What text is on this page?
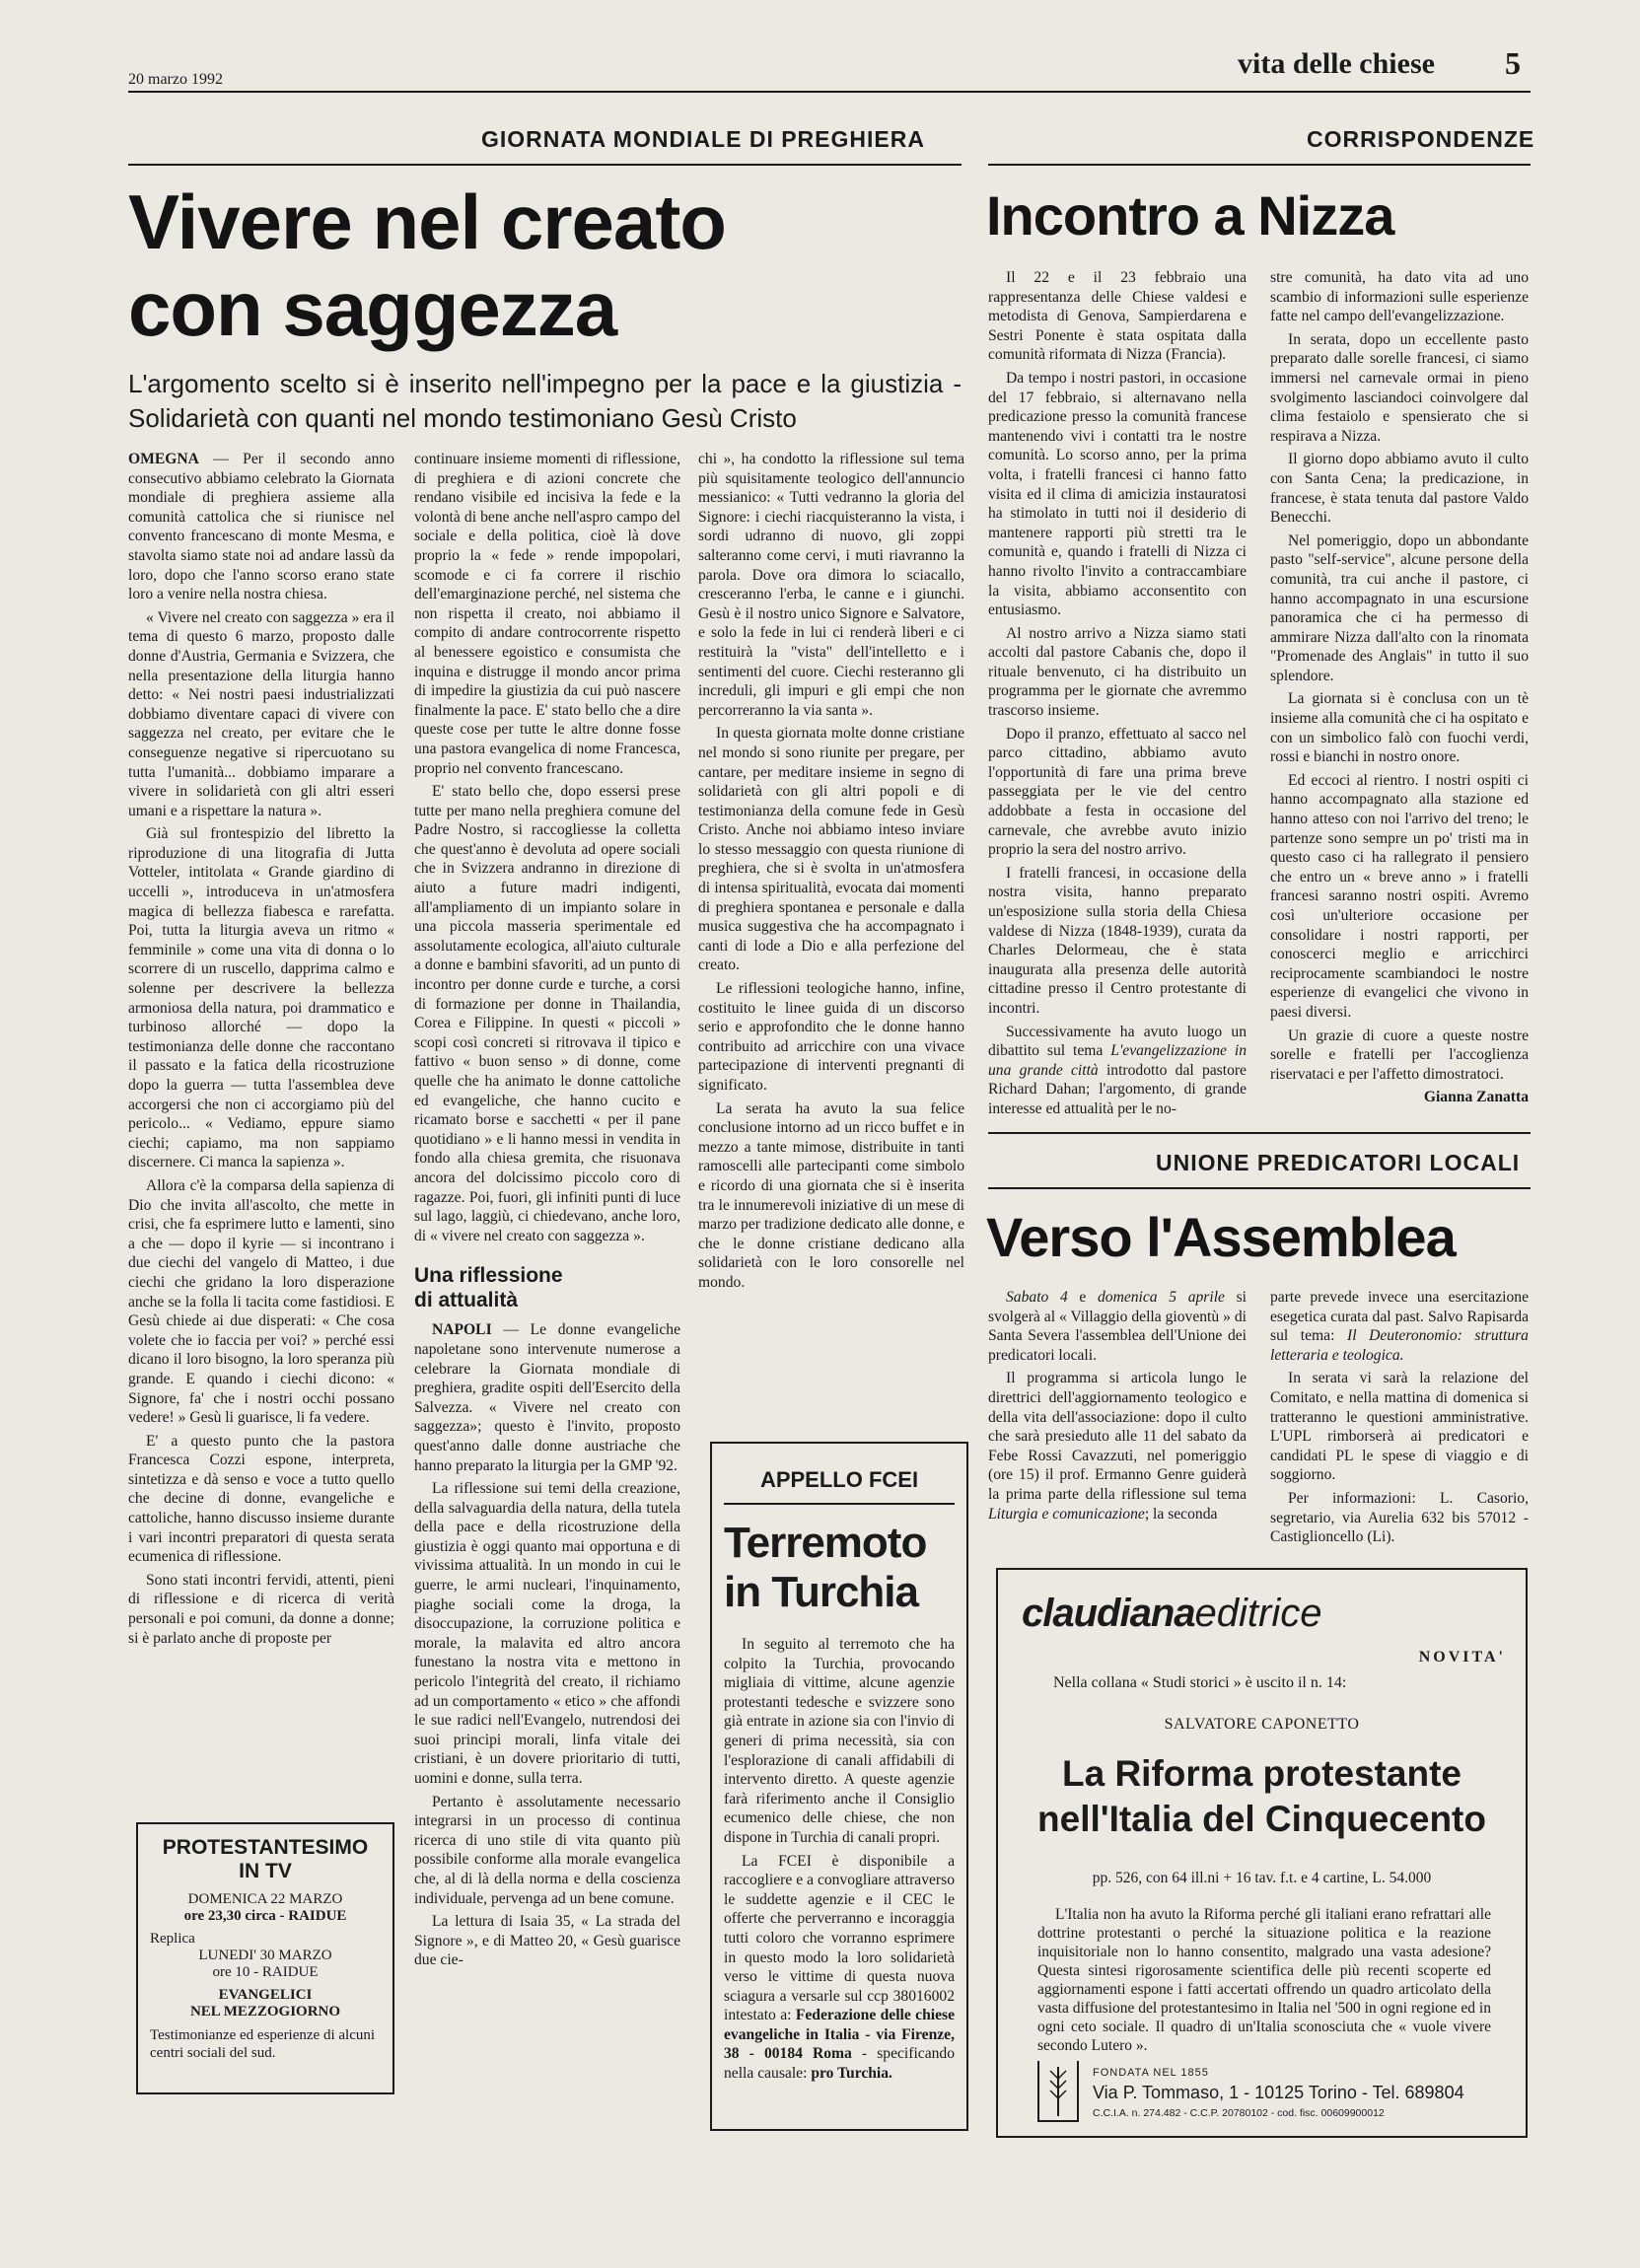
20 marzo 1992	vita delle chiese 5
GIORNATA MONDIALE DI PREGHIERA
Vivere nel creato
con saggezza
L'argomento scelto si è inserito nell'impegno per la pace e la giustizia - Solidarietà con quanti nel mondo testimoniano Gesù Cristo

OMEGNA — Per il secondo anno consecutivo abbiamo celebrato la Giornata mondiale di preghiera assieme alla comunità cattolica che si riunisce nel convento francescano di monte Mesma, e stavolta siamo state noi ad andare lassù da loro, dopo che l'anno scorso erano state loro a venire nella nostra chiesa.

« Vivere nel creato con saggezza » era il tema di questo 6 marzo, proposto dalle donne d'Austria, Germania e Svizzera, che nella presentazione della liturgia hanno detto: « Nei nostri paesi industrializzati dobbiamo diventare capaci di vivere con saggezza nel creato, per evitare che le conseguenze negative si ripercuotano su tutta l'umanità... dobbiamo imparare a vivere in solidarietà con gli altri esseri umani e a rispettare la natura ».

Già sul frontespizio del libretto la riproduzione di una litografia di Jutta Votteler, intitolata « Grande giardino di uccelli », introduceva in un'atmosfera magica di bellezza fiabesca e rarefatta. Poi, tutta la liturgia aveva un ritmo « femminile » come una vita di donna o lo scorrere di un ruscello, dapprima calmo e solenne per descrivere la bellezza armoniosa della natura, poi drammatico e turbinoso allorché — dopo la testimonianza delle donne che raccontano il passato e la fatica della ricostruzione dopo la guerra — tutta l'assemblea deve accorgersi che non ci accorgiamo più del pericolo... « Vediamo, eppure siamo ciechi; capiamo, ma non sappiamo discernere. Ci manca la sapienza ».

Allora c'è la comparsa della sapienza di Dio che invita all'ascolto, che mette in crisi, che fa esprimere lutto e lamenti, sino a che — dopo il kyrie — si incontrano i due ciechi del vangelo di Matteo, i due ciechi che gridano la loro disperazione anche se la folla li tacita come fastidiosi. E Gesù chiede ai due disperati: « Che cosa volete che io faccia per voi? » perché essi dicano il loro bisogno, la loro speranza più grande. E quando i ciechi dicono: « Signore, fa' che i nostri occhi possano vedere! » Gesù li guarisce, li fa vedere.

E' a questo punto che la pastora Francesca Cozzi espone, interpreta, sintetizza e dà senso e voce a tutto quello che decine di donne, evangeliche e cattoliche, hanno discusso insieme durante i vari incontri preparatori di questa serata ecumenica di riflessione.

Sono stati incontri fervidi, attenti, pieni di riflessione e di ricerca di verità personali e poi comuni, da donne a donne; si è parlato anche di proposte per

PROTESTANTESIMO
IN TV
DOMENICA 22 MARZO
ore 23,30 circa - RAIDUE
Replica
LUNEDI' 30 MARZO
ore 10 - RAIDUE
EVANGELICI
NEL MEZZOGIORNO
Testimonianze ed esperienze di alcuni centri sociali del sud.

continuare insieme momenti di riflessione, di preghiera e di azioni concrete che rendano visibile ed incisiva la fede e la volontà di bene anche nell'aspro campo del sociale e della politica, cioè là dove proprio la « fede » rende impopolari, scomode e ci fa correre il rischio dell'emarginazione perché, nel sistema che non rispetta il creato, noi abbiamo il compito di andare controcorrente rispetto al benessere egoistico e consumista che inquina e distrugge il mondo ancor prima di impedire la giustizia da cui può nascere finalmente la pace. E' stato bello che a dire queste cose per tutte le altre donne fosse una pastora evangelica di nome Francesca, proprio nel convento francescano.

E' stato bello che, dopo essersi prese tutte per mano nella preghiera comune del Padre Nostro, si raccogliesse la colletta che quest'anno è devoluta ad opere sociali che in Svizzera andranno in direzione di aiuto a future madri indigenti, all'ampliamento di un impianto solare in una piccola masseria sperimentale ed assolutamente ecologica, all'aiuto culturale a donne e bambini sfavoriti, ad un punto di incontro per donne curde e turche, a corsi di formazione per donne in Thailandia, Corea e Filippine. In questi « piccoli » scopi così concreti si ritrovava il tipico e fattivo « buon senso » di donne, come quelle che ha animato le donne cattoliche ed evangeliche, che hanno cucito e ricamato borse e sacchetti « per il pane quotidiano » e li hanno messi in vendita in fondo alla chiesa gremita, che risuonava ancora del dolcissimo piccolo coro di ragazze. Poi, fuori, gli infiniti punti di luce sul lago, laggiù, ci chiedevano, anche loro, di « vivere nel creato con saggezza ».

Una riflessione
di attualità

NAPOLI — Le donne evangeliche napoletane sono intervenute numerose a celebrare la Giornata mondiale di preghiera, gradite ospiti dell'Esercito della Salvezza. « Vivere nel creato con saggezza»; questo è l'invito, proposto quest'anno dalle donne austriache che hanno preparato la liturgia per la GMP '92.

La riflessione sui temi della creazione, della salvaguardia della natura, della tutela della pace e della ricostruzione della giustizia è oggi quanto mai opportuna e di vivissima attualità. In un mondo in cui le guerre, le armi nucleari, l'inquinamento, piaghe sociali come la droga, la disoccupazione, la corruzione politica e morale, la malavita ed altro ancora funestano la nostra vita e mettono in pericolo l'integrità del creato, il richiamo ad un comportamento « etico » che affondi le sue radici nell'Evangelo, nutrendosi dei suoi principi morali, linfa vitale dei cristiani, è un dovere prioritario di tutti, uomini e donne, sulla terra.

Pertanto è assolutamente necessario integrarsi in un processo di continua ricerca di uno stile di vita quanto più possibile conforme alla morale evangelica che, al di là della norma e della coscienza individuale, pervenga ad un bene comune.

La lettura di Isaia 35, « La strada del Signore », e di Matteo 20, « Gesù guarisce due cie-

chi », ha condotto la riflessione sul tema più squisitamente teologico dell'annuncio messianico: « Tutti vedranno la gloria del Signore: i ciechi riacquisteranno la vista, i sordi udranno di nuovo, gli zoppi salteranno come cervi, i muti riavranno la parola. Dove ora dimora lo sciacallo, cresceranno l'erba, le canne e i giunchi. Gesù è il nostro unico Signore e Salvatore, e solo la fede in lui ci renderà liberi e ci restituirà la "vista" dell'intelletto e i sentimenti del cuore. Ciechi resteranno gli increduli, gli impuri e gli empi che non percorreranno la via santa ».

In questa giornata molte donne cristiane nel mondo si sono riunite per pregare, per cantare, per meditare insieme in segno di solidarietà con gli altri popoli e di testimonianza della comune fede in Gesù Cristo. Anche noi abbiamo inteso inviare lo stesso messaggio con questa riunione di preghiera, che si è svolta in un'atmosfera di intensa spiritualità, evocata dai momenti di preghiera spontanea e personale e dalla musica suggestiva che ha accompagnato i canti di lode a Dio e alla perfezione del creato.

Le riflessioni teologiche hanno, infine, costituito le linee guida di un discorso serio e approfondito che le donne hanno contribuito ad arricchire con una vivace partecipazione di interventi pregnanti di significato.

La serata ha avuto la sua felice conclusione intorno ad un ricco buffet e in mezzo a tante mimose, distribuite in tanti ramoscelli alle partecipanti come simbolo e ricordo di una giornata che si è inserita tra le innumerevoli iniziative di un mese di marzo per tradizione dedicato alle donne, e che le donne cristiane dedicano alla solidarietà con le loro consorelle nel mondo.

APPELLO FCEI
Terremoto
in Turchia

In seguito al terremoto che ha colpito la Turchia, provocando migliaia di vittime, alcune agenzie protestanti tedesche e svizzere sono già entrate in azione sia con l'invio di generi di prima necessità, sia con l'esplorazione di canali affidabili di intervento diretto. A queste agenzie farà riferimento anche il Consiglio ecumenico delle chiese, che non dispone in Turchia di canali propri.

La FCEI è disponibile a raccogliere e a convogliare attraverso le suddette agenzie e il CEC le offerte che perverranno e incoraggia tutti coloro che vorranno esprimere in questo modo la loro solidarietà verso le vittime di questa nuova sciagura a versarle sul ccp 38016002 intestato a: Federazione delle chiese evangeliche in Italia - via Firenze, 38 - 00184 Roma - specificando nella causale: pro Turchia.

CORRISPONDENZE
Incontro a Nizza

Il 22 e il 23 febbraio una rappresentanza delle Chiese valdesi e metodista di Genova, Sampierdarena e Sestri Ponente è stata ospitata dalla comunità riformata di Nizza (Francia).

Da tempo i nostri pastori, in occasione del 17 febbraio, si alternavano nella predicazione presso la comunità francese mantenendo vivi i contatti tra le nostre comunità. Lo scorso anno, per la prima volta, i fratelli francesi ci hanno fatto visita ed il clima di amicizia instauratosi ha stimolato in tutti noi il desiderio di mantenere rapporti più stretti tra le comunità e, quando i fratelli di Nizza ci hanno rivolto l'invito a contraccambiare la visita, abbiamo acconsentito con entusiasmo.

Al nostro arrivo a Nizza siamo stati accolti dal pastore Cabanis che, dopo il rituale benvenuto, ci ha distribuito un programma per le giornate che avremmo trascorso insieme.

Dopo il pranzo, effettuato al sacco nel parco cittadino, abbiamo avuto l'opportunità di fare una prima breve passeggiata per le vie del centro addobbate a festa in occasione del carnevale, che avrebbe avuto inizio proprio la sera del nostro arrivo.

I fratelli francesi, in occasione della nostra visita, hanno preparato un'esposizione sulla storia della Chiesa valdese di Nizza (1848-1939), curata da Charles Delormeau, che è stata inaugurata alla presenza delle autorità cittadine presso il Centro protestante di incontri.

Successivamente ha avuto luogo un dibattito sul tema L'evangelizzazione in una grande città introdotto dal pastore Richard Dahan; l'argomento, di grande interesse ed attualità per le no-

stre comunità, ha dato vita ad uno scambio di informazioni sulle esperienze fatte nel campo dell'evangelizzazione.

In serata, dopo un eccellente pasto preparato dalle sorelle francesi, ci siamo immersi nel carnevale ormai in pieno svolgimento lasciandoci coinvolgere dal clima festaiolo e spensierato che si respirava a Nizza.

Il giorno dopo abbiamo avuto il culto con Santa Cena; la predicazione, in francese, è stata tenuta dal pastore Valdo Benecchi.

Nel pomeriggio, dopo un abbondante pasto "self-service", alcune persone della comunità, tra cui anche il pastore, ci hanno accompagnato in una escursione panoramica che ci ha permesso di ammirare Nizza dall'alto con la rinomata "Promenade des Anglais" in tutto il suo splendore.

La giornata si è conclusa con un tè insieme alla comunità che ci ha ospitato e con un simbolico falò con fuochi verdi, rossi e bianchi in nostro onore.

Ed eccoci al rientro. I nostri ospiti ci hanno accompagnato alla stazione ed hanno atteso con noi l'arrivo del treno; le partenze sono sempre un po' tristi ma in questo caso ci ha rallegrato il pensiero che entro un « breve anno » i fratelli francesi saranno nostri ospiti. Avremo così un'ulteriore occasione per consolidare i nostri rapporti, per conoscerci meglio e arricchirci reciprocamente scambiandoci le nostre esperienze di evangelici che vivono in paesi diversi.

Un grazie di cuore a queste nostre sorelle e fratelli per l'accoglienza riservataci e per l'affetto dimostratoci.

Gianna Zanatta
UNIONE PREDICATORI LOCALI
Verso l'Assemblea

Sabato 4 e domenica 5 aprile si svolgerà al « Villaggio della gioventù » di Santa Severa l'assemblea dell'Unione dei predicatori locali.

Il programma si articola lungo le direttrici dell'aggiornamento teologico e della vita dell'associazione: dopo il culto che sarà presieduto alle 11 del sabato da Febe Rossi Cavazzuti, nel pomeriggio (ore 15) il prof. Ermanno Genre guiderà la prima parte della riflessione sul tema Liturgia e comunicazione; la seconda

parte prevede invece una esercitazione esegetica curata dal past. Salvo Rapisarda sul tema: Il Deuteronomio: struttura letteraria e teologica.

In serata vi sarà la relazione del Comitato, e nella mattina di domenica si tratteranno le questioni amministrative. L'UPL rimborserà ai predicatori e candidati PL le spese di viaggio e di soggiorno.

Per informazioni: L. Casorio, segretario, via Aurelia 632 bis 57012 - Castiglioncello (Li).

claudianaeditrice
NOVITA'
Nella collana « Studi storici » è uscito il n. 14:
SALVATORE CAPONETTO
La Riforma protestante
nell'Italia del Cinquecento
pp. 526, con 64 ill.ni + 16 tav. f.t. e 4 cartine, L. 54.000
L'Italia non ha avuto la Riforma perché gli italiani erano refrattari alle dottrine protestanti o perché la situazione politica e la reazione inquisitoriale non lo hanno consentito, malgrado una vasta adesione? Questa sintesi rigorosamente scientifica delle più recenti scoperte ed aggiornamenti espone i fatti accertati offrendo un quadro articolato della vasta diffusione del protestantesimo in Italia nel '500 in ogni regione ed in ogni ceto sociale. Il quadro di un'Italia sconosciuta che « vuole vivere secondo Lutero ».
FONDATA NEL 1855
Via P. Tommaso, 1 - 10125 Torino - Tel. 689804
C.C.I.A. n. 274.482 - C.C.P. 20780102 - cod. fisc. 00609900012
